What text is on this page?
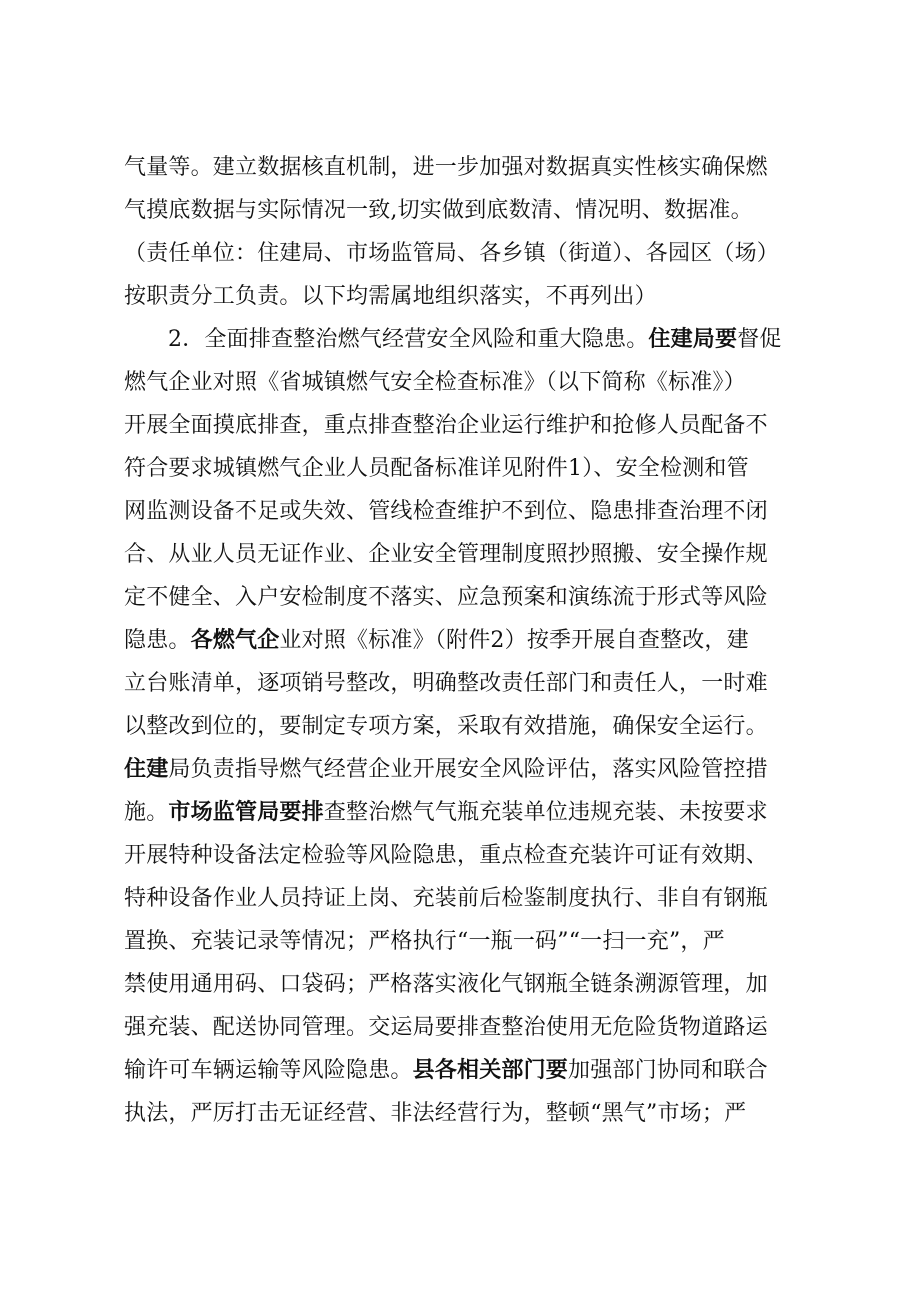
气量等。建立数据核直机制，进一步加强对数据真实性核实确保燃
气摸底数据与实际情况一致,切实做到底数清、情况明、数据准。
（责任单位：住建局、市场监管局、各乡镇（街道）、各园区（场）
按职责分工负责。以下均需属地组织落实，不再列出）
2．全面排查整治燃气经营安全风险和重大隐患。住建局要督促
燃气企业对照《省城镇燃气安全检查标准》（以下简称《标准》）
开展全面摸底排查，重点排查整治企业运行维护和抢修人员配备不
符合要求城镇燃气企业人员配备标准详见附件1）、安全检测和管
网监测设备不足或失效、管线检查维护不到位、隐患排查治理不闭
合、从业人员无证作业、企业安全管理制度照抄照搬、安全操作规
定不健全、入户安检制度不落实、应急预案和演练流于形式等风险
隐患。各燃气企业对照《标准》（附件2）按季开展自查整改，建
立台账清单，逐项销号整改，明确整改责任部门和责任人，一时难
以整改到位的，要制定专项方案，采取有效措施，确保安全运行。
住建局负责指导燃气经营企业开展安全风险评估，落实风险管控措
施。市场监管局要排查整治燃气气瓶充装单位违规充装、未按要求
开展特种设备法定检验等风险隐患，重点检查充装许可证有效期、
特种设备作业人员持证上岗、充装前后检鉴制度执行、非自有钢瓶
置换、充装记录等情况；严格执行“一瓶一码”“一扫一充”，严
禁使用通用码、口袋码；严格落实液化气钢瓶全链条溯源管理，加
强充装、配送协同管理。交运局要排查整治使用无危险货物道路运
输许可车辆运输等风险隐患。县各相关部门要加强部门协同和联合
执法，严厉打击无证经营、非法经营行为，整顿“黑气”市场；严
